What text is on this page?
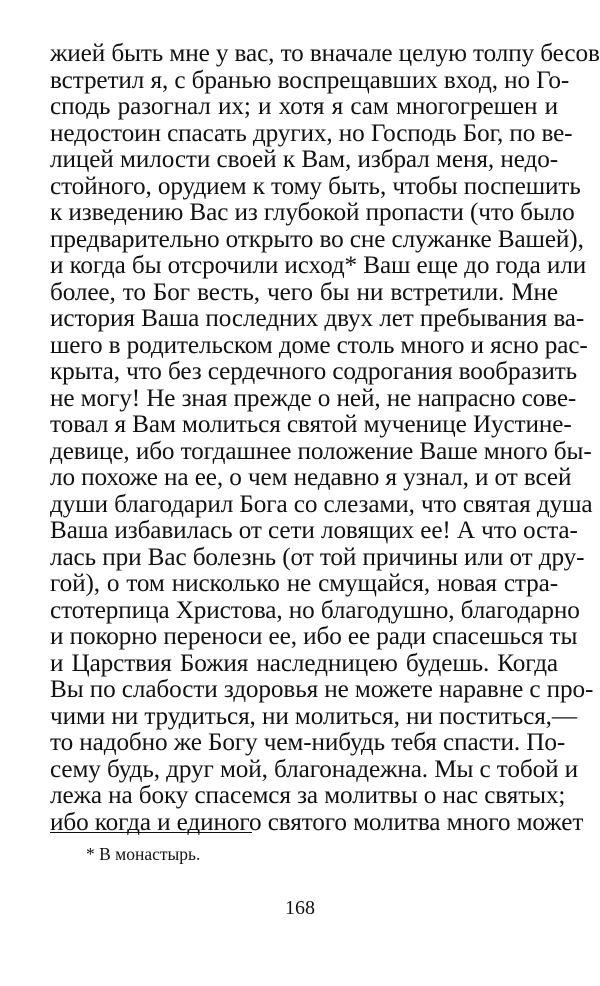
жией быть мне у вас, то вначале целую толпу бесов
встретил я, с бранью воспрещавших вход, но Го-
сподь разогнал их; и хотя я сам многогрешен и
недостоин спасать других, но Господь Бог, по ве-
лицей милости своей к Вам, избрал меня, недо-
стойного, орудием к тому быть, чтобы поспешить
к изведению Вас из глубокой пропасти (что было
предварительно открыто во сне служанке Вашей),
и когда бы отсрочили исход* Ваш еще до года или
более, то Бог весть, чего бы ни встретили. Мне
история Ваша последних двух лет пребывания ва-
шего в родительском доме столь много и ясно рас-
крыта, что без сердечного содрогания вообразить
не могу! Не зная прежде о ней, не напрасно сове-
товал я Вам молиться святой мученице Иустине-
девице, ибо тогдашнее положение Ваше много бы-
ло похоже на ее, о чем недавно я узнал, и от всей
души благодарил Бога со слезами, что святая душа
Ваша избавилась от сети ловящих ее! А что оста-
лась при Вас болезнь (от той причины или от дру-
гой), о том нисколько не смущайся, новая стра-
стотерпица Христова, но благодушно, благодарно
и покорно переноси ее, ибо ее ради спасешься ты
и Царствия Божия наследницею будешь. Когда
Вы по слабости здоровья не можете наравне с про-
чими ни трудиться, ни молиться, ни поститься,—
то надобно же Богу чем-нибудь тебя спасти. По-
сему будь, друг мой, благонадежна. Мы с тобой и
лежа на боку спасемся за молитвы о нас святых;
ибо когда и единого святого молитва много может
* В монастырь.
168
